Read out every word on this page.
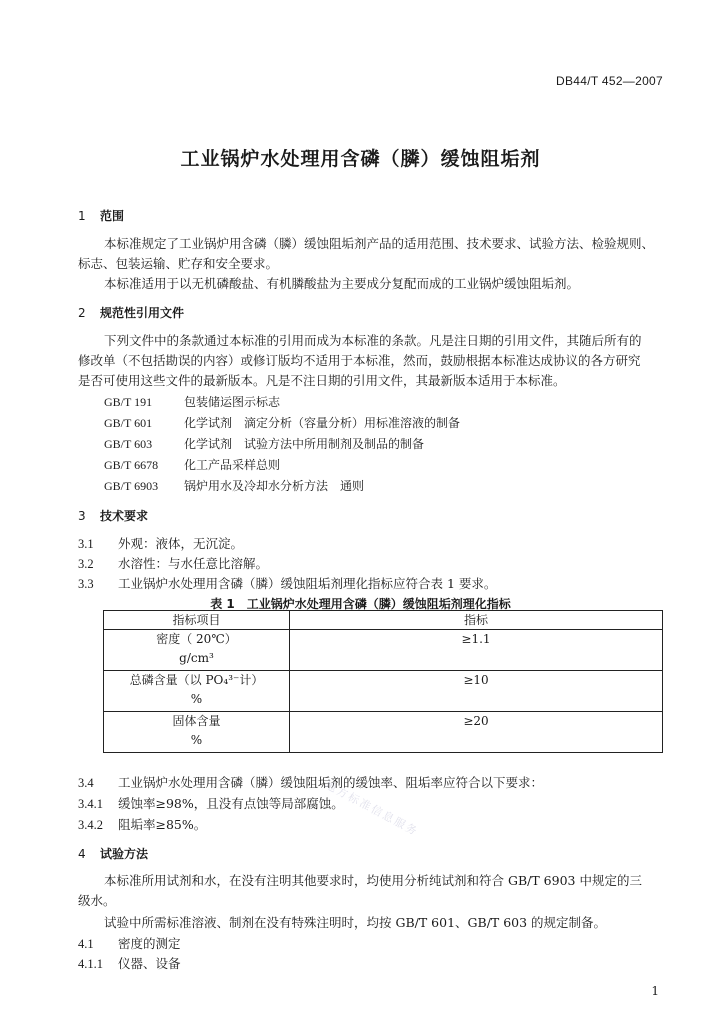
DB44/T 452—2007
工业锅炉水处理用含磷（膦）缓蚀阻垢剂
1 范围
本标准规定了工业锅炉用含磷（膦）缓蚀阻垢剂产品的适用范围、技术要求、试验方法、检验规则、
标志、包装运输、贮存和安全要求。
本标准适用于以无机磷酸盐、有机膦酸盐为主要成分复配而成的工业锅炉缓蚀阻垢剂。
2 规范性引用文件
下列文件中的条款通过本标准的引用而成为本标准的条款。凡是注日期的引用文件，其随后所有的
修改单（不包括勘误的内容）或修订版均不适用于本标准，然而，鼓励根据本标准达成协议的各方研究
是否可使用这些文件的最新版本。凡是不注日期的引用文件，其最新版本适用于本标准。
GB/T 191	包装储运图示标志
GB/T 601	化学试剂　滴定分析（容量分析）用标准溶液的制备
GB/T 603	化学试剂　试验方法中所用制剂及制品的制备
GB/T 6678 化工产品采样总则
GB/T 6903 锅炉用水及冷却水分析方法　通则
3 技术要求
3.1 外观：液体，无沉淀。
3.2 水溶性：与水任意比溶解。
3.3 工业锅炉水处理用含磷（膦）缓蚀阻垢剂理化指标应符合表 1 要求。
表 1　工业锅炉水处理用含磷（膦）缓蚀阻垢剂理化指标
指标项目	指标

密度（ 20℃）
g/cm³	≥1.1

总磷含量（以 PO₄³⁻计）
%	≥10

固体含量
%	≥20
3.4 工业锅炉水处理用含磷（膦）缓蚀阻垢剂的缓蚀率、阻垢率应符合以下要求：
3.4.1 缓蚀率≥98%，且没有点蚀等局部腐蚀。
3.4.2 阻垢率≥85%。
4 试验方法
本标准所用试剂和水，在没有注明其他要求时，均使用分析纯试剂和符合 GB/T 6903 中规定的三
级水。
试验中所需标准溶液、制剂在没有特殊注明时，均按 GB/T 601、GB/T 603 的规定制备。
4.1 密度的测定
4.1.1 仪器、设备
地方标准信息服务
1
